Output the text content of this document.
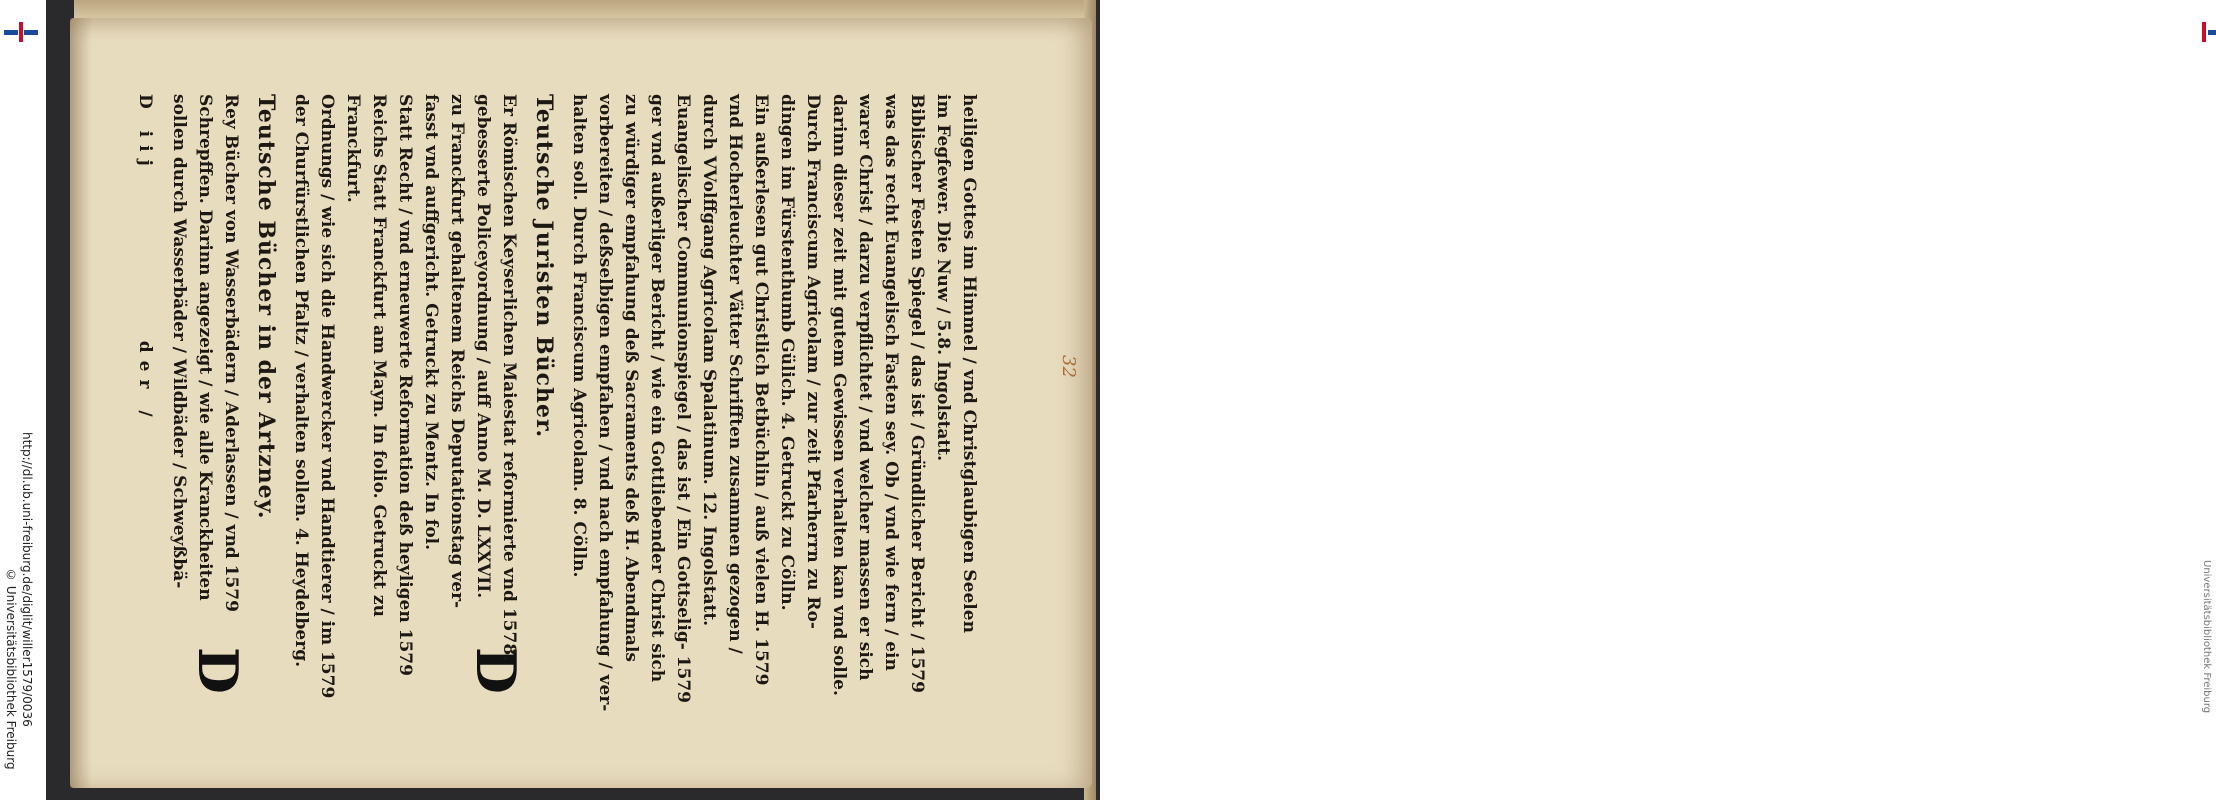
http://dl.ub.uni-freiburg.de/diglit/willer1579/0036
© Universitätsbibliothek Freiburg
32
heiligen Gottes im Himmel / vnd Christglaubigen Seelen
im Fegfewer. Die Nuw / 5.8. Ingolstatt.
Biblischer Festen Spiegel / das ist / Gründlicher Bericht / 1579
was das recht Euangelisch Fasten sey. Ob / vnd wie fern / ein
warer Christ / darzu verpflichtet / vnd welcher massen er sich
darinn dieser zeit mit gutem Gewissen verhalten kan vnd solle.
Durch Franciscum Agricolam / zur zeit Pfarherrn zu Ro-
dingen im Fürstenthumb Gülich. 4. Getruckt zu Cölln.
Ein außerlesen gut Christlich Betbüchlin / auß vielen H. 1579
vnd Hocherleuchter Vätter Schrifften zusammen gezogen /
durch VVolffgang Agricolam Spalatinum. 12. Ingolstatt.
Euangelischer Communionspiegel / das ist / Ein Gottselig- 1579
ger vnd außerliger Bericht / wie ein Gottliebender Christ sich
zu würdiger empfahung deß Sacraments deß H. Abendmals
vorbereiten / deßselbigen empfahen / vnd nach empfahung / ver-
halten soll. Durch Franciscum Agricolam. 8. Cölln.
Teutsche Juristen Bücher.
D
Er Römischen Keyserlichen Maiestat reformierte vnd 1578.
gebesserte Policeyordnung / auff Anno M. D. LXXVII.
zu Franckfurt gehaltenem Reichs Deputationstag ver-
fasst vnd auffgericht. Getruckt zu Mentz. In fol.
Statt Recht / vnd erneuwerte Reformation deß heyligen 1579
Reichs Statt Franckfurt am Mayn. In folio. Getruckt zu
Franckfurt.
Ordnungs / wie sich die Handwercker vnd Handtierer / im 1579
der Churfürstlichen Pfaltz / verhalten sollen. 4. Heydelberg.
Teutsche Bücher in der Artzney.
D
Rey Bücher von Wasserbädern / Aderlassen / vnd 1579
Schrepffen. Darinn angezeigt / wie alle Kranckheiten
sollen durch Wasserbäder / Wildbäder / Schweyßbä-
D iij            der /
Universitätsbibliothek Freiburg
